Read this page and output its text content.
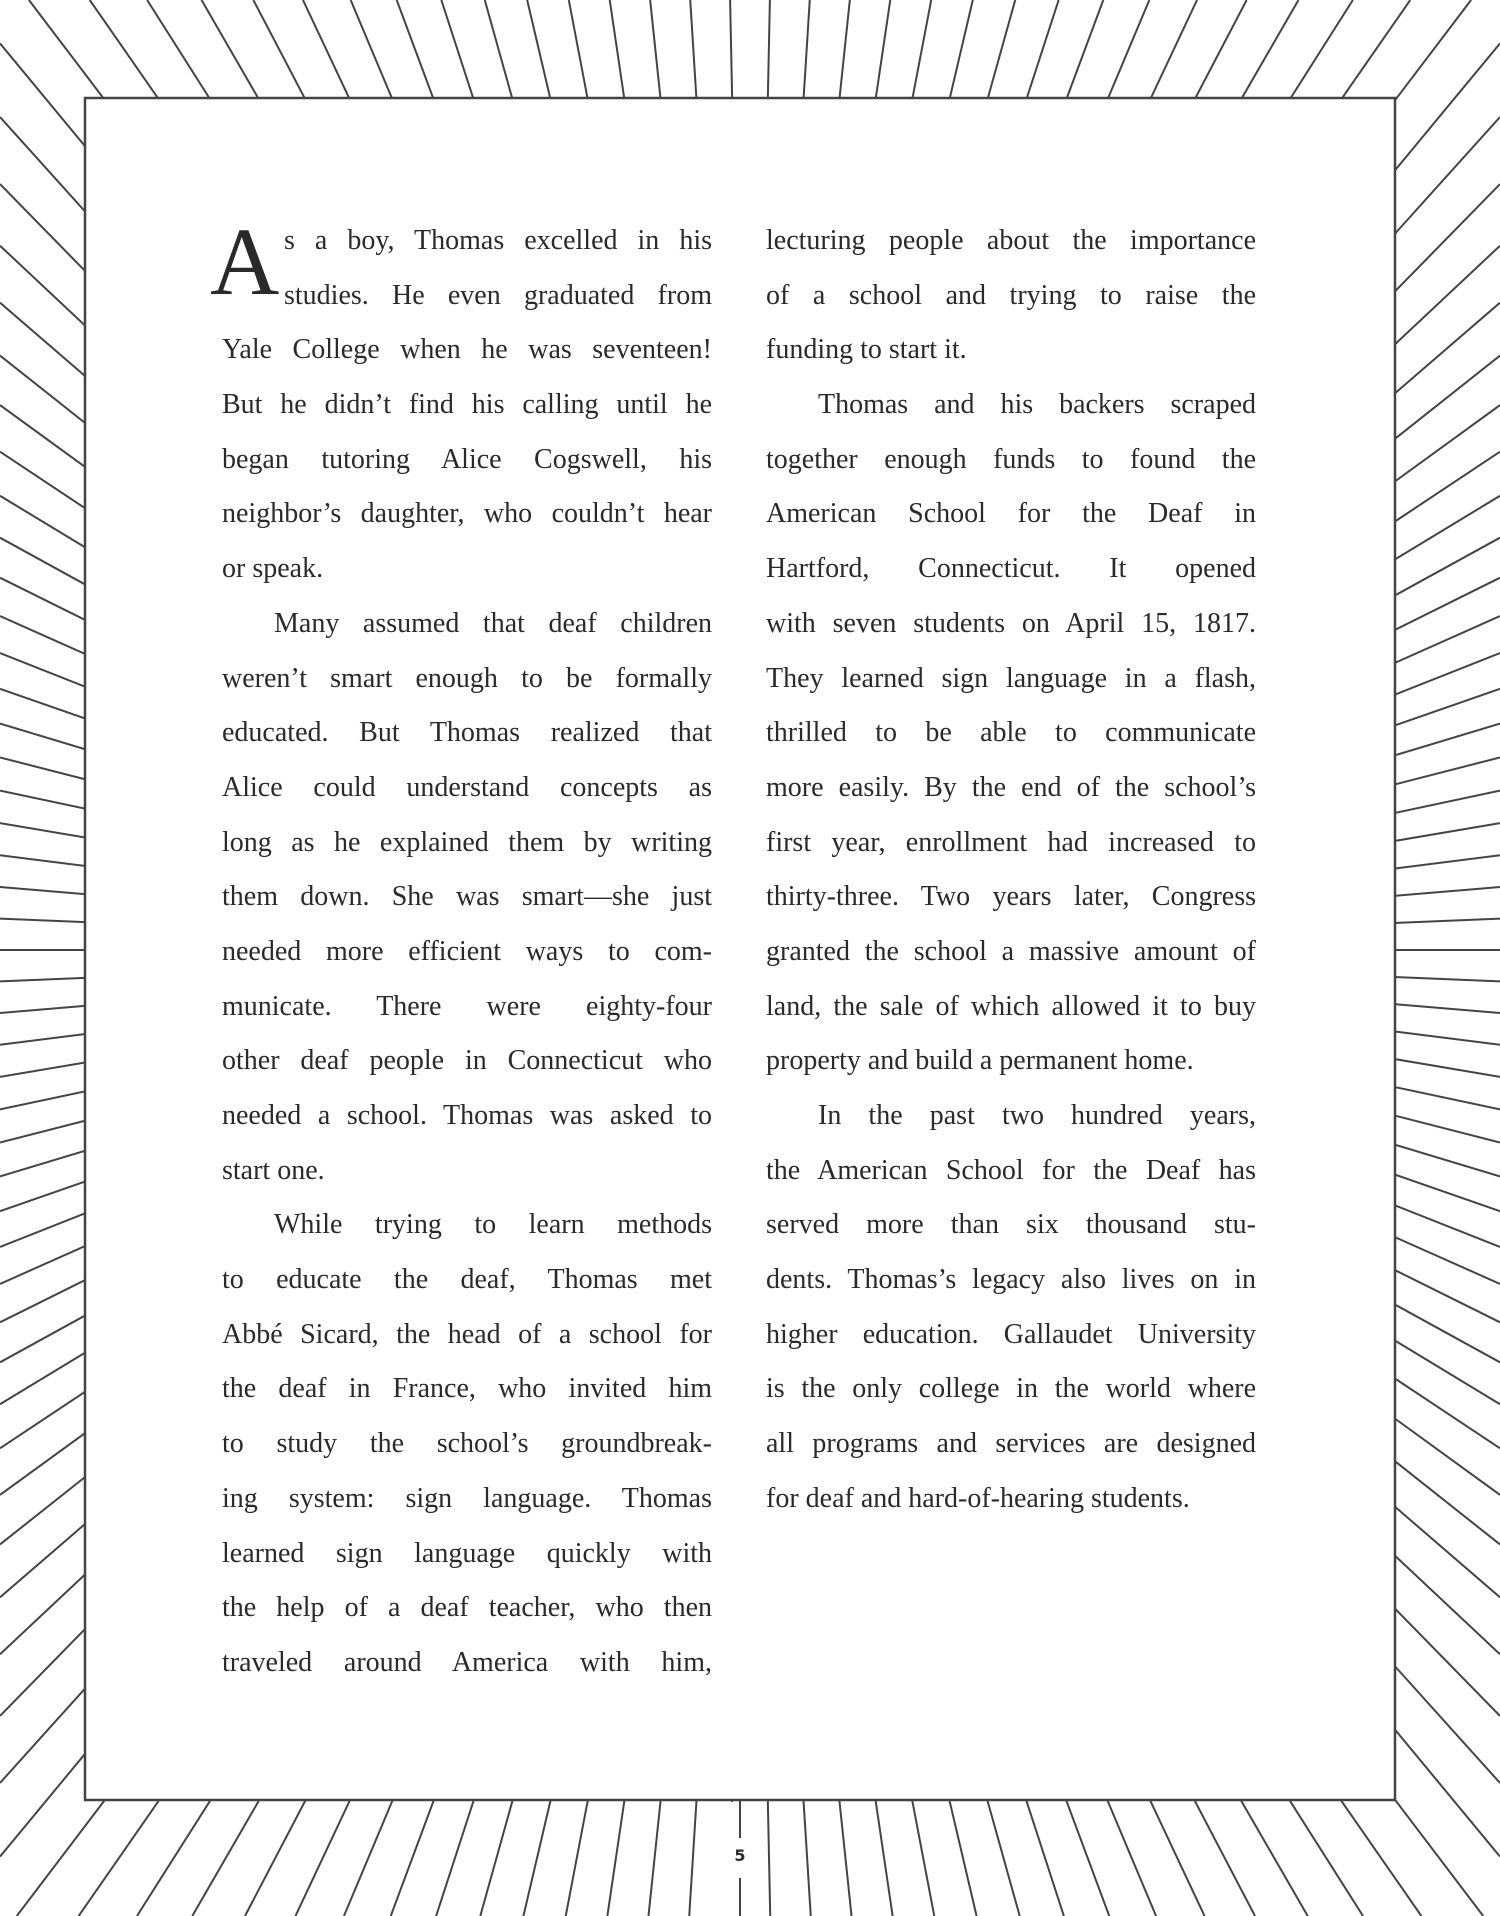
A s a boy, Thomas excelled in his
studies. He even graduated from
Yale College when he was seventeen!
But he didn’t find his calling until he
began tutoring Alice Cogswell, his
neighbor’s daughter, who couldn’t hear
or speak.
Many assumed that deaf children
weren’t smart enough to be formally
educated. But Thomas realized that
Alice could understand concepts as
long as he explained them by writing
them down. She was smart—she just
needed more efficient ways to com-
municate. There were eighty-four
other deaf people in Connecticut who
needed a school. Thomas was asked to
start one.
While trying to learn methods
to educate the deaf, Thomas met
Abbé Sicard, the head of a school for
the deaf in France, who invited him
to study the school’s groundbreak-
ing system: sign language. Thomas
learned sign language quickly with
the help of a deaf teacher, who then
traveled around America with him,
lecturing people about the importance
of a school and trying to raise the
funding to start it.
Thomas and his backers scraped
together enough funds to found the
American School for the Deaf in
Hartford, Connecticut. It opened
with seven students on April 15, 1817.
They learned sign language in a flash,
thrilled to be able to communicate
more easily. By the end of the school’s
first year, enrollment had increased to
thirty-three. Two years later, Congress
granted the school a massive amount of
land, the sale of which allowed it to buy
property and build a permanent home.
In the past two hundred years,
the American School for the Deaf has
served more than six thousand stu-
dents. Thomas’s legacy also lives on in
higher education. Gallaudet University
is the only college in the world where
all programs and services are designed
for deaf and hard-of-hearing students.
5
